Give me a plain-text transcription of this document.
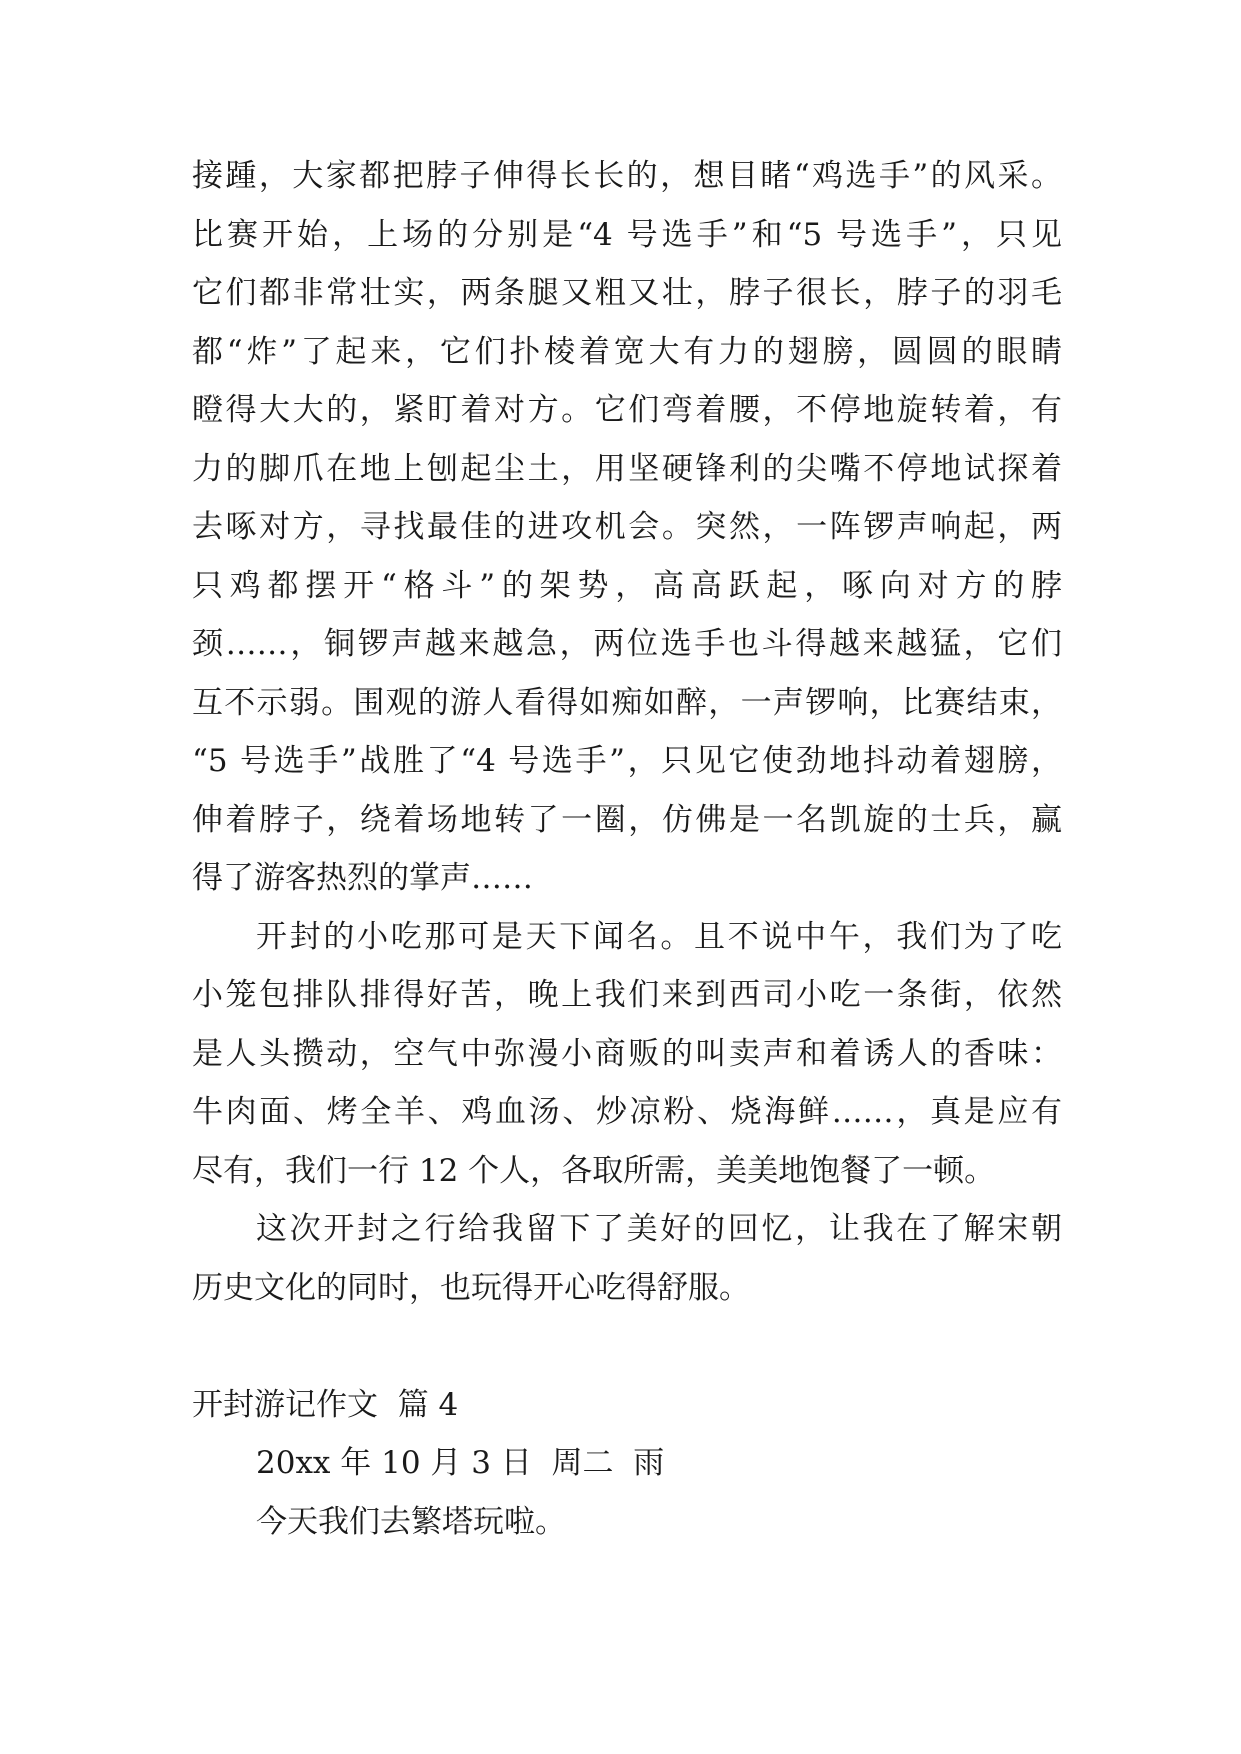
接踵，大家都把脖子伸得长长的，想目睹“鸡选手”的风采。
比赛开始，上场的分别是“4 号选手”和“5 号选手”，只见
它们都非常壮实，两条腿又粗又壮，脖子很长，脖子的羽毛
都“炸”了起来，它们扑棱着宽大有力的翅膀，圆圆的眼睛
瞪得大大的，紧盯着对方。它们弯着腰，不停地旋转着，有
力的脚爪在地上刨起尘土，用坚硬锋利的尖嘴不停地试探着
去啄对方，寻找最佳的进攻机会。突然，一阵锣声响起，两
只鸡都摆开“格斗”的架势，高高跃起，啄向对方的脖
颈……，铜锣声越来越急，两位选手也斗得越来越猛，它们
互不示弱。围观的游人看得如痴如醉，一声锣响，比赛结束，
“5 号选手”战胜了“4 号选手”，只见它使劲地抖动着翅膀，
伸着脖子，绕着场地转了一圈，仿佛是一名凯旋的士兵，赢
得了游客热烈的掌声……
开封的小吃那可是天下闻名。且不说中午，我们为了吃
小笼包排队排得好苦，晚上我们来到西司小吃一条街，依然
是人头攒动，空气中弥漫小商贩的叫卖声和着诱人的香味：
牛肉面、烤全羊、鸡血汤、炒凉粉、烧海鲜……，真是应有
尽有，我们一行 12 个人，各取所需，美美地饱餐了一顿。
这次开封之行给我留下了美好的回忆，让我在了解宋朝
历史文化的同时，也玩得开心吃得舒服。
开封游记作文  篇 4
20xx 年 10 月 3 日  周二  雨
今天我们去繁塔玩啦。
